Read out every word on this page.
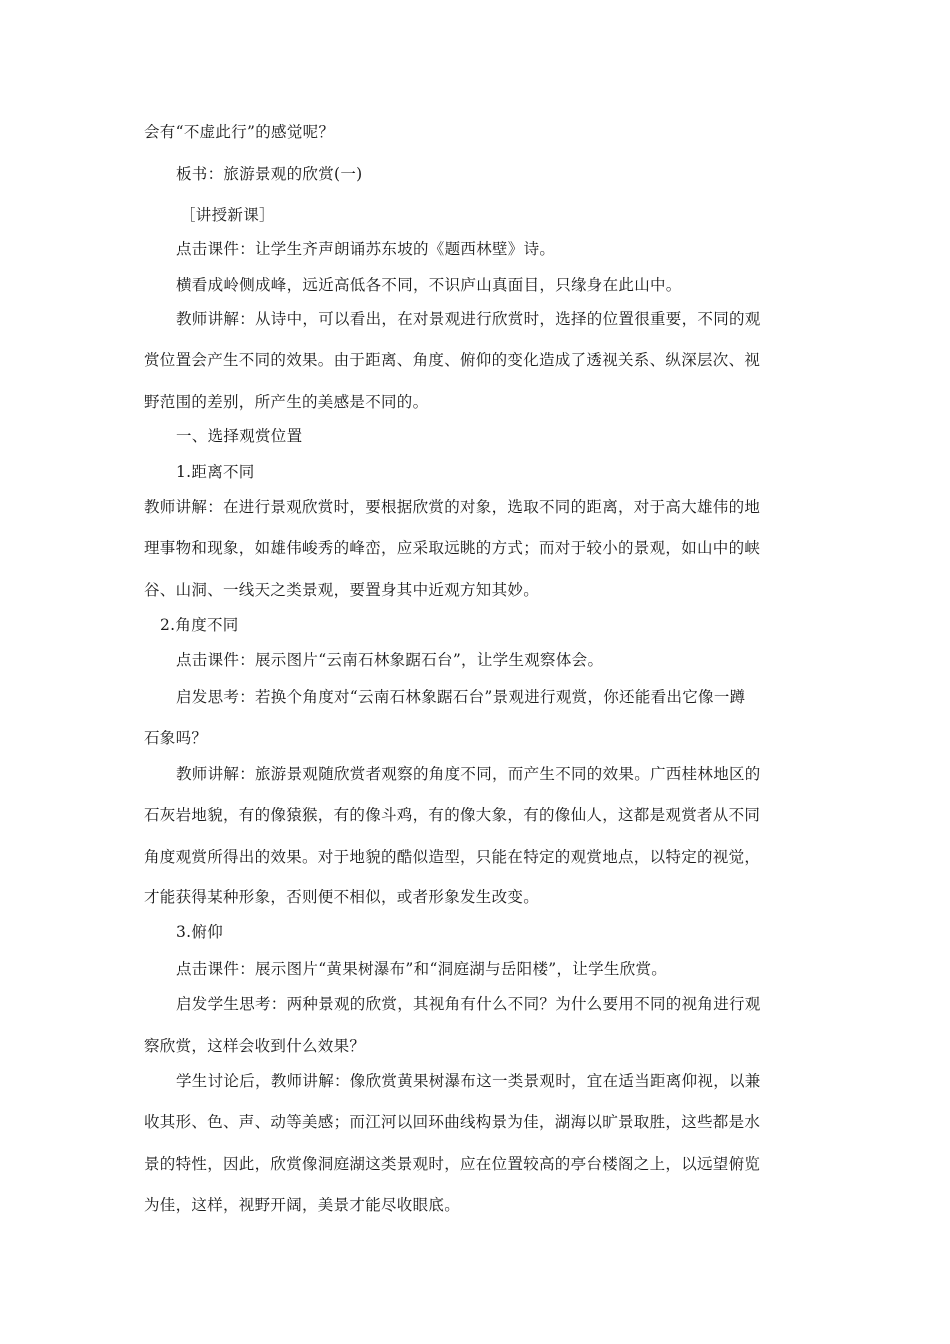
会有“不虚此行”的感觉呢？
板书：旅游景观的欣赏(一)
［讲授新课］
点击课件：让学生齐声朗诵苏东坡的《题西林壁》诗。
横看成岭侧成峰，远近高低各不同，不识庐山真面目，只缘身在此山中。
教师讲解：从诗中，可以看出，在对景观进行欣赏时，选择的位置很重要，不同的观
赏位置会产生不同的效果。由于距离、角度、俯仰的变化造成了透视关系、纵深层次、视
野范围的差别，所产生的美感是不同的。
一、选择观赏位置
1.距离不同
教师讲解：在进行景观欣赏时，要根据欣赏的对象，选取不同的距离，对于高大雄伟的地
理事物和现象，如雄伟峻秀的峰峦，应采取远眺的方式；而对于较小的景观，如山中的峡
谷、山洞、一线天之类景观，要置身其中近观方知其妙。
2.角度不同
点击课件：展示图片“云南石林象踞石台”，让学生观察体会。
启发思考：若换个角度对“云南石林象踞石台”景观进行观赏，你还能看出它像一蹲
石象吗？
教师讲解：旅游景观随欣赏者观察的角度不同，而产生不同的效果。广西桂林地区的
石灰岩地貌，有的像猿猴，有的像斗鸡，有的像大象，有的像仙人，这都是观赏者从不同
角度观赏所得出的效果。对于地貌的酷似造型，只能在特定的观赏地点，以特定的视觉，
才能获得某种形象，否则便不相似，或者形象发生改变。
3.俯仰
点击课件：展示图片“黄果树瀑布”和“洞庭湖与岳阳楼”，让学生欣赏。
启发学生思考：两种景观的欣赏，其视角有什么不同？为什么要用不同的视角进行观
察欣赏，这样会收到什么效果？
学生讨论后，教师讲解：像欣赏黄果树瀑布这一类景观时，宜在适当距离仰视，以兼
收其形、色、声、动等美感；而江河以回环曲线构景为佳，湖海以旷景取胜，这些都是水
景的特性，因此，欣赏像洞庭湖这类景观时，应在位置较高的亭台楼阁之上，以远望俯览
为佳，这样，视野开阔，美景才能尽收眼底。
